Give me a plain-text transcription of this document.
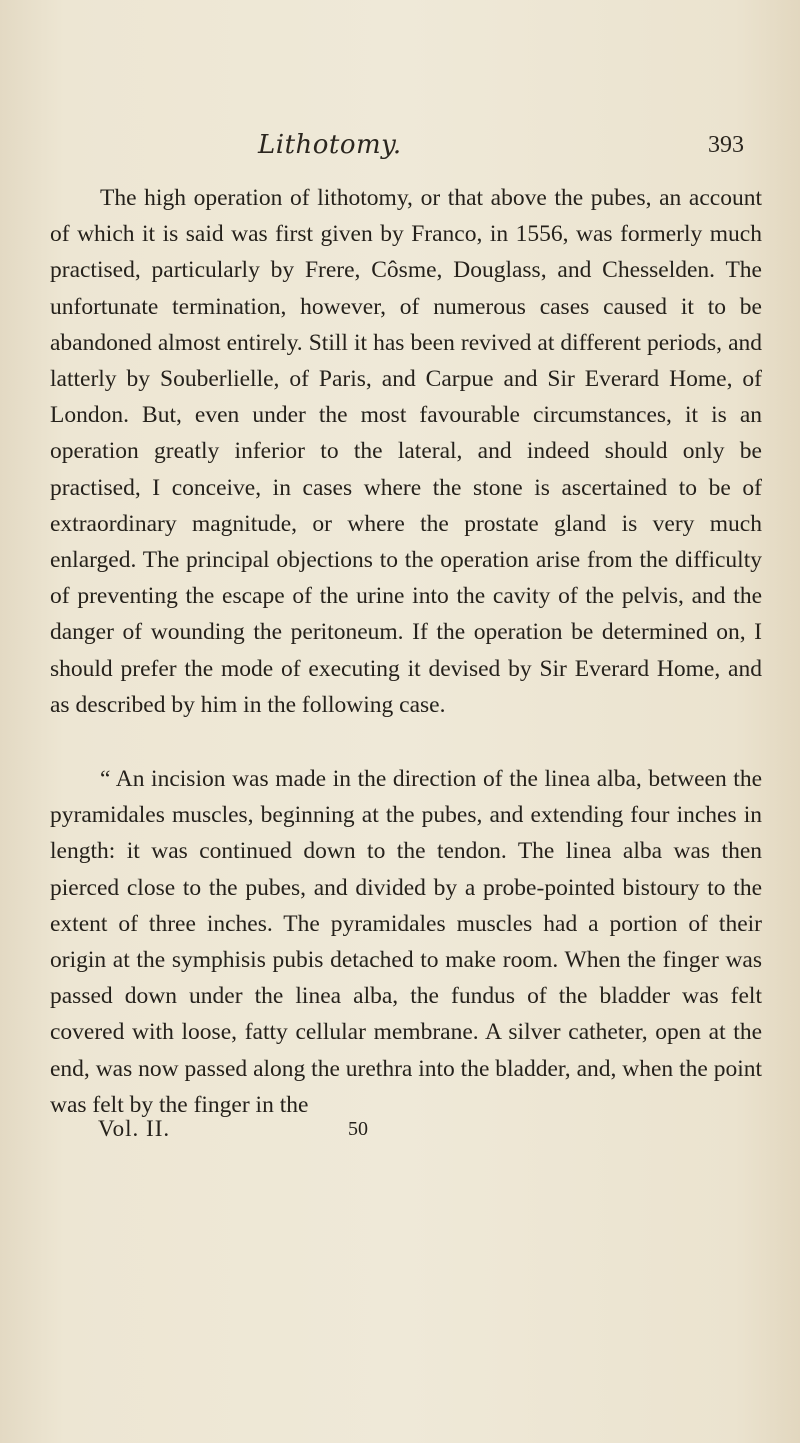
Lithotomy.	393

The high operation of lithotomy, or that above the pubes, an account of which it is said was first given by Franco, in 1556, was formerly much practised, particularly by Frere, Côsme, Douglass, and Chesselden. The unfortunate termination, however, of numerous cases caused it to be abandoned almost entirely. Still it has been revived at different periods, and latterly by Souberlielle, of Paris, and Carpue and Sir Everard Home, of London. But, even under the most favourable circumstances, it is an operation greatly inferior to the lateral, and indeed should only be practised, I conceive, in cases where the stone is ascertained to be of extraordinary magnitude, or where the prostate gland is very much enlarged. The principal objections to the operation arise from the difficulty of preventing the escape of the urine into the cavity of the pelvis, and the danger of wounding the peritoneum. If the operation be determined on, I should prefer the mode of executing it devised by Sir Everard Home, and as described by him in the following case.

“ An incision was made in the direction of the linea alba, between the pyramidales muscles, beginning at the pubes, and extending four inches in length: it was continued down to the tendon. The linea alba was then pierced close to the pubes, and divided by a probe-pointed bistoury to the extent of three inches. The pyramidales muscles had a portion of their origin at the symphisis pubis detached to make room. When the finger was passed down under the linea alba, the fundus of the bladder was felt covered with loose, fatty cellular membrane. A silver catheter, open at the end, was now passed along the urethra into the bladder, and, when the point was felt by the finger in the

Vol. II.	50
